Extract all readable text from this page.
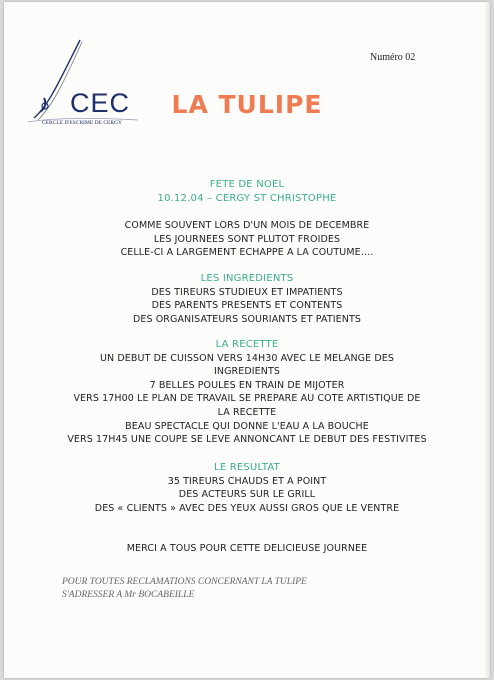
CEC
CERCLE D'ESCRIME DE CERGY
Numéro 02
LA TULIPE
FETE DE NOEL
10.12.04 – CERGY ST CHRISTOPHE
COMME SOUVENT LORS D'UN MOIS DE DECEMBRE
LES JOURNEES SONT PLUTOT FROIDES
CELLE-CI A LARGEMENT ECHAPPE A LA COUTUME….
LES INGREDIENTS
DES TIREURS STUDIEUX ET IMPATIENTS
DES PARENTS PRESENTS ET CONTENTS
DES ORGANISATEURS SOURIANTS ET PATIENTS
LA RECETTE
UN DEBUT DE CUISSON VERS 14H30 AVEC LE MELANGE DES
INGREDIENTS
7 BELLES POULES EN TRAIN DE MIJOTER
VERS 17H00 LE PLAN DE TRAVAIL SE PREPARE AU COTE ARTISTIQUE DE
LA RECETTE
BEAU SPECTACLE QUI DONNE L'EAU A LA BOUCHE
VERS 17H45 UNE COUPE SE LEVE ANNONCANT LE DEBUT DES FESTIVITES
LE RESULTAT
35 TIREURS CHAUDS ET A POINT
DES ACTEURS SUR LE GRILL
DES « CLIENTS » AVEC DES YEUX AUSSI GROS QUE LE VENTRE
MERCI A TOUS POUR CETTE DELICIEUSE JOURNEE
POUR TOUTES RECLAMATIONS CONCERNANT LA TULIPE
S'ADRESSER A Mr BOCABEILLE
